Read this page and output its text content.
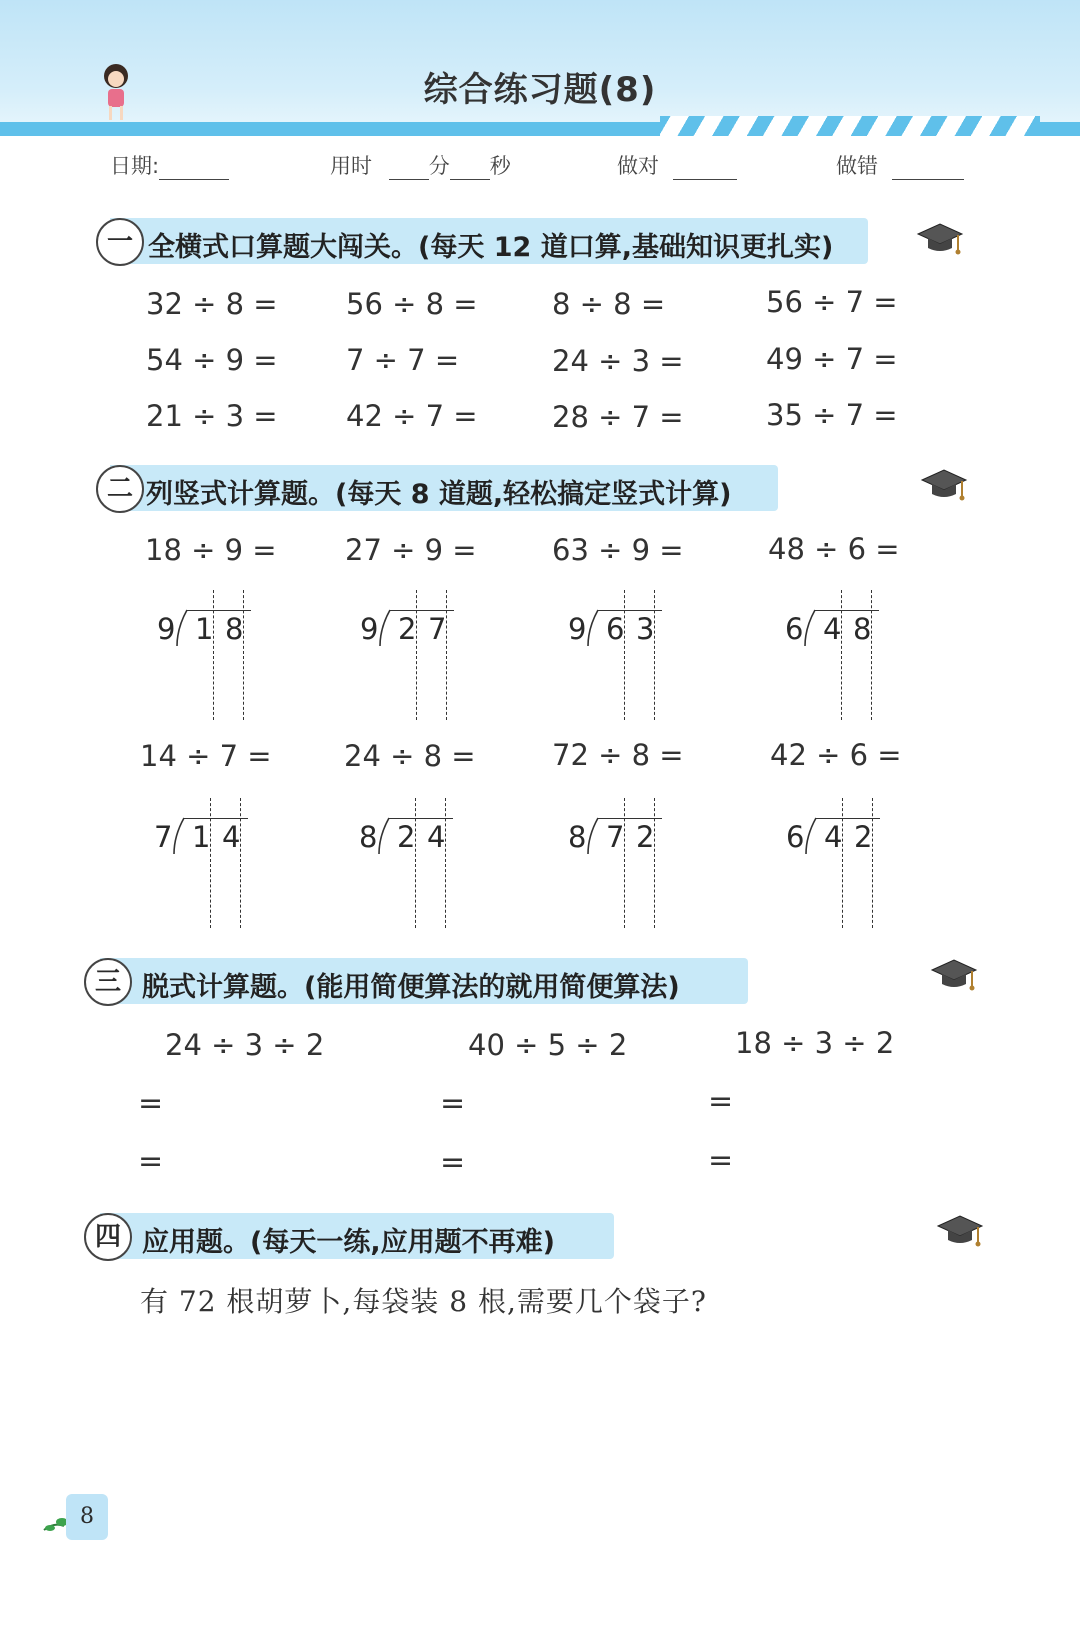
综合练习题(8)
日期:	用时	分 秒	做对	做错
一 全横式口算题大闯关。(每天 12 道口算,基础知识更扎实)
32 ÷ 8 = 56 ÷ 8 =	8 ÷ 8 =	56 ÷ 7 =
54 ÷ 9 = 7 ÷ 7 =	24 ÷ 3 =	49 ÷ 7 =
21 ÷ 3 = 42 ÷ 7 =	28 ÷ 7 =	35 ÷ 7 =
二 列竖式计算题。(每天 8 道题,轻松搞定竖式计算)
18 ÷ 9 = 27 ÷ 9 =	63 ÷ 9 =	48 ÷ 6 =
9 1 8	9 2 7	9 6 3	6 4 8
14 ÷ 7 = 24 ÷ 8 =	72 ÷ 8 =	42 ÷ 6 =
7 1 4	8 2 4	8 7 2	6 4 2
三 脱式计算题。(能用简便算法的就用简便算法)
24 ÷ 3 ÷ 2	40 ÷ 5 ÷ 2	18 ÷ 3 ÷ 2
=	=	=
=	=	=
四 应用题。(每天一练,应用题不再难)
有 72 根胡萝卜,每袋装 8 根,需要几个袋子?
8
